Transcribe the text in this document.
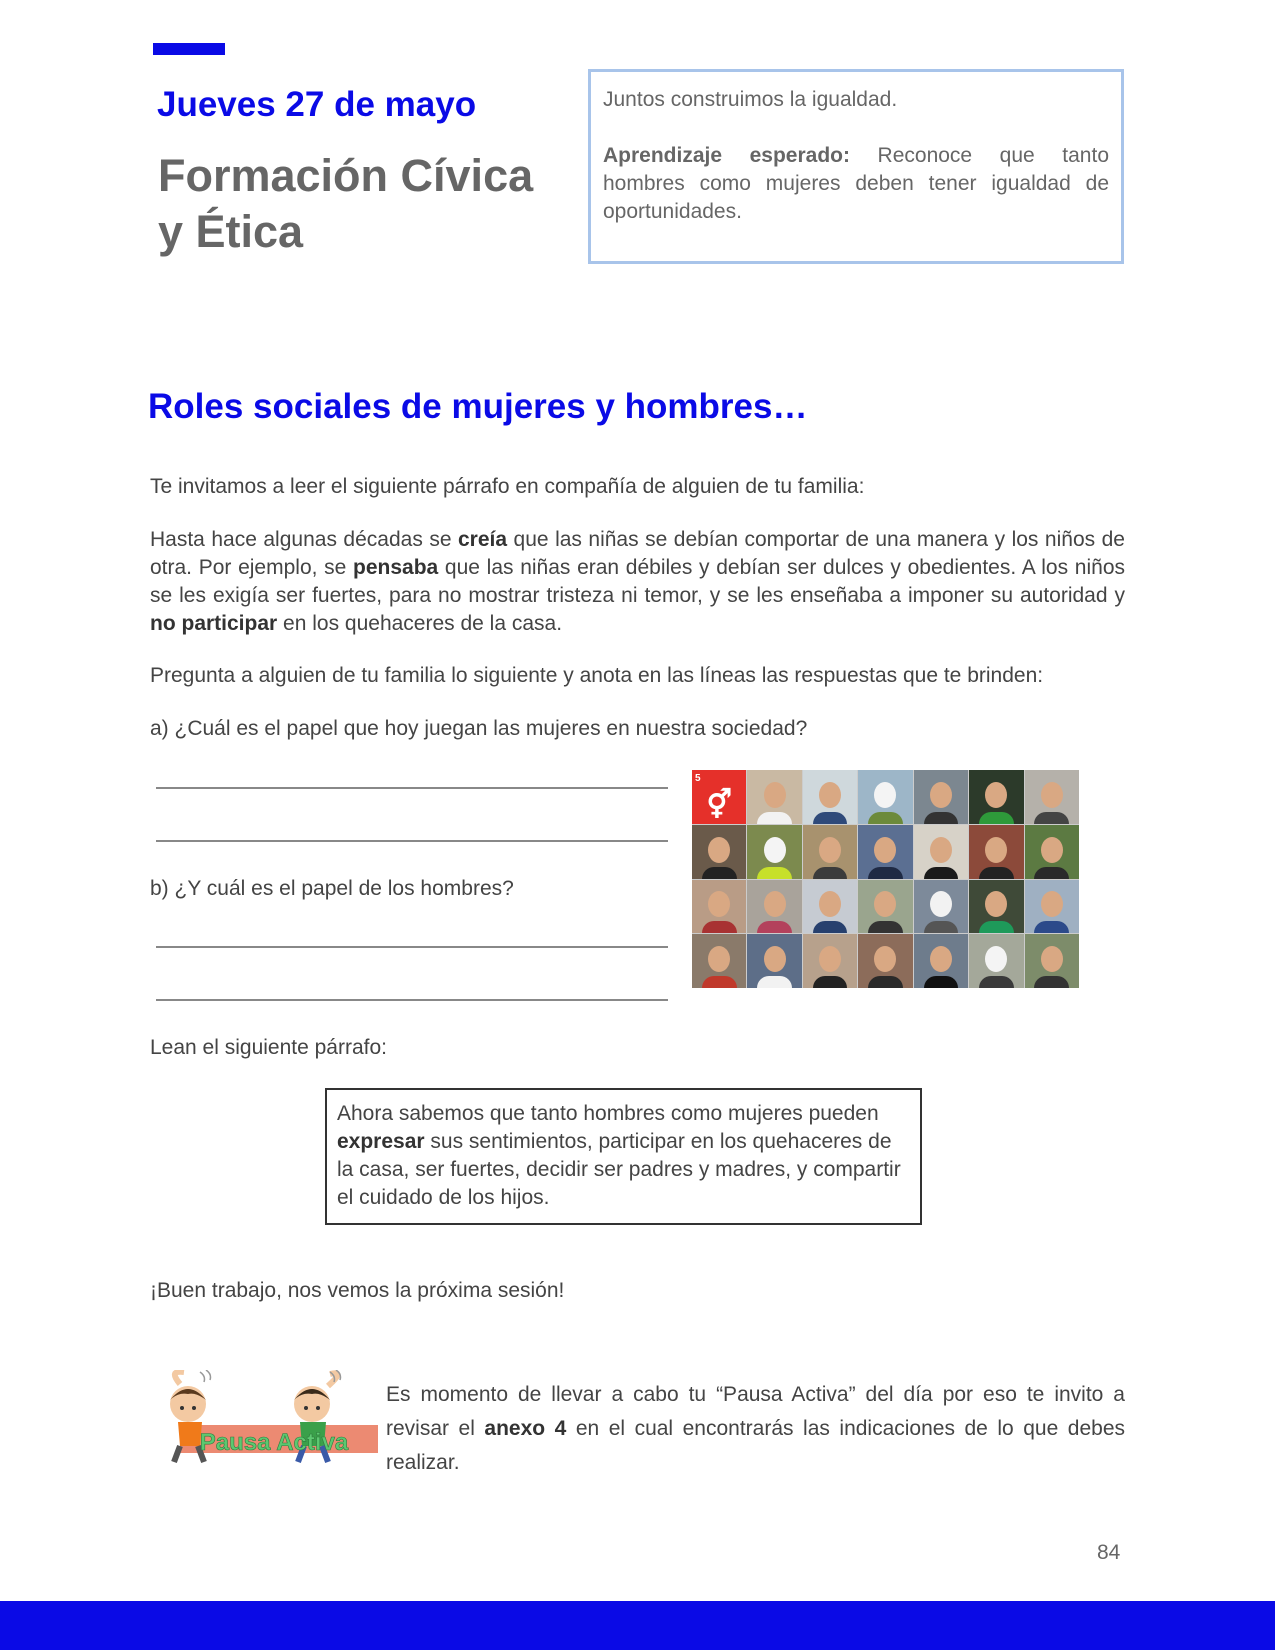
Jueves 27 de mayo
Formación Cívica y Ética

Juntos construimos la igualdad.

Aprendizaje esperado: Reconoce que tanto hombres como mujeres deben tener igualdad de oportunidades.

Roles sociales de mujeres y hombres…

Te invitamos a leer el siguiente párrafo en compañía de alguien de tu familia:

Hasta hace algunas décadas se creía que las niñas se debían comportar de una manera y los niños de otra. Por ejemplo, se pensaba que las niñas eran débiles y debían ser dulces y obedientes. A los niños se les exigía ser fuertes, para no mostrar tristeza ni temor, y se les enseñaba a imponer su autoridad y no participar en los quehaceres de la casa.

Pregunta a alguien de tu familia lo siguiente y anota en las líneas las respuestas que te brinden:

a) ¿Cuál es el papel que hoy juegan las mujeres en nuestra sociedad?

b) ¿Y cuál es el papel de los hombres?

5
⚥

Lean el siguiente párrafo:

Ahora sabemos que tanto hombres como mujeres pueden expresar sus sentimientos, participar en los quehaceres de la casa, ser fuertes, decidir ser padres y madres, y compartir el cuidado de los hijos.

¡Buen trabajo, nos vemos la próxima sesión!

Pausa Activa

Es momento de llevar a cabo tu “Pausa Activa” del día por eso te invito a revisar el anexo 4 en el cual encontrarás las indicaciones de lo que debes realizar.

84
